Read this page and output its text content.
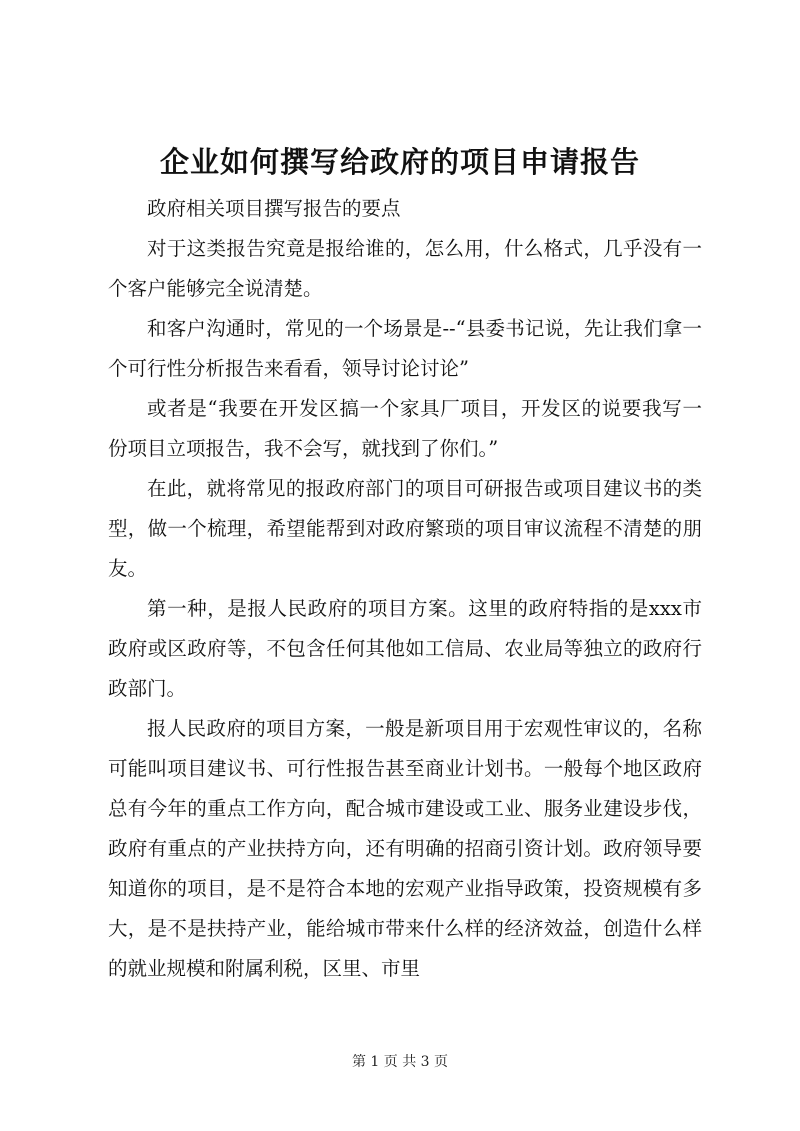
企业如何撰写给政府的项目申请报告

政府相关项目撰写报告的要点

对于这类报告究竟是报给谁的，怎么用，什么格式，几乎没有一个客户能够完全说清楚。

和客户沟通时，常见的一个场景是--“县委书记说，先让我们拿一个可行性分析报告来看看，领导讨论讨论”

或者是“我要在开发区搞一个家具厂项目，开发区的说要我写一份项目立项报告，我不会写，就找到了你们。”

在此，就将常见的报政府部门的项目可研报告或项目建议书的类型，做一个梳理，希望能帮到对政府繁琐的项目审议流程不清楚的朋友。

第一种，是报人民政府的项目方案。这里的政府特指的是xxx市政府或区政府等，不包含任何其他如工信局、农业局等独立的政府行政部门。

报人民政府的项目方案，一般是新项目用于宏观性审议的，名称可能叫项目建议书、可行性报告甚至商业计划书。一般每个地区政府总有今年的重点工作方向，配合城市建设或工业、服务业建设步伐，政府有重点的产业扶持方向，还有明确的招商引资计划。政府领导要知道你的项目，是不是符合本地的宏观产业指导政策，投资规模有多大，是不是扶持产业，能给城市带来什么样的经济效益，创造什么样的就业规模和附属利税，区里、市里

第 1 页 共 3 页
